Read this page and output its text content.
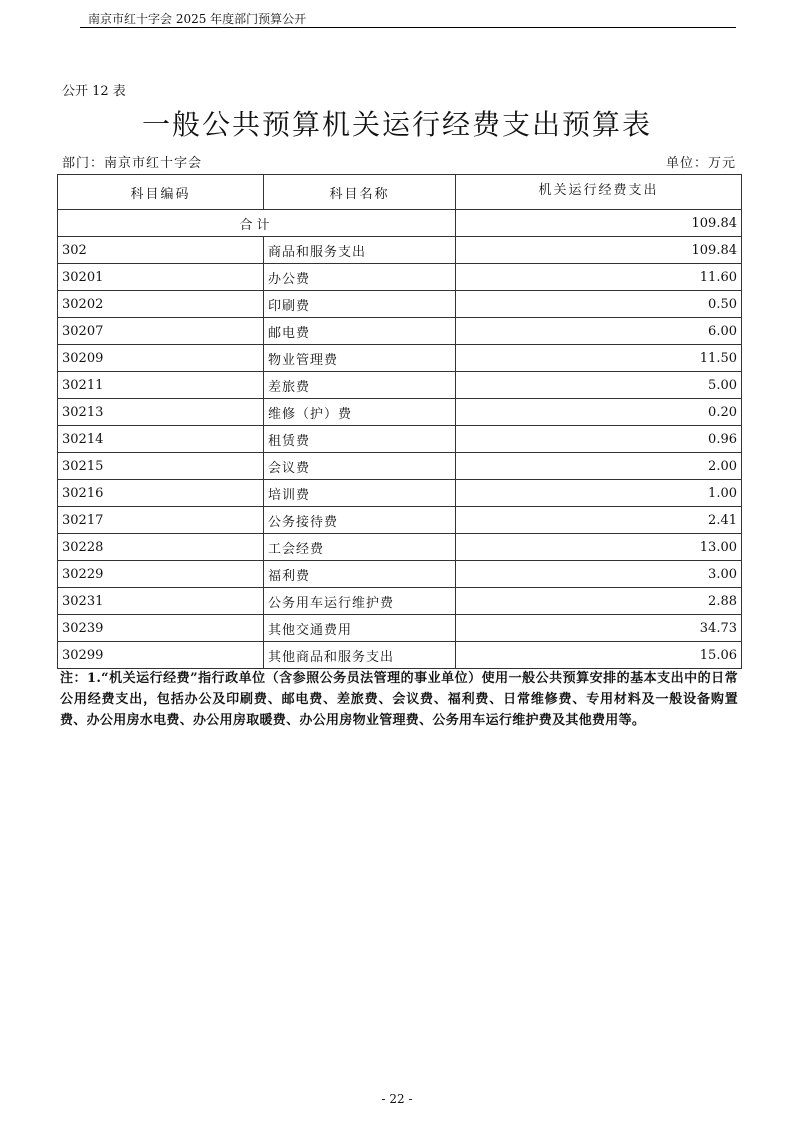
南京市红十字会 2025 年度部门预算公开
公开 12 表
一般公共预算机关运行经费支出预算表
部门：南京市红十字会	单位：万元
科目编码	科目名称	机关运行经费支出
合计		109.84
302	商品和服务支出	109.84
30201	办公费	11.60
30202	印刷费	0.50
30207	邮电费	6.00
30209	物业管理费	11.50
30211	差旅费	5.00
30213	维修（护）费	0.20
30214	租赁费	0.96
30215	会议费	2.00
30216	培训费	1.00
30217	公务接待费	2.41
30228	工会经费	13.00
30229	福利费	3.00
30231	公务用车运行维护费	2.88
30239	其他交通费用	34.73
30299	其他商品和服务支出	15.06
注：1.“机关运行经费”指行政单位（含参照公务员法管理的事业单位）使用一般公共预算安排的基本支出中的日常公用经费支出，包括办公及印刷费、邮电费、差旅费、会议费、福利费、日常维修费、专用材料及一般设备购置费、办公用房水电费、办公用房取暖费、办公用房物业管理费、公务用车运行维护费及其他费用等。
- 22 -
